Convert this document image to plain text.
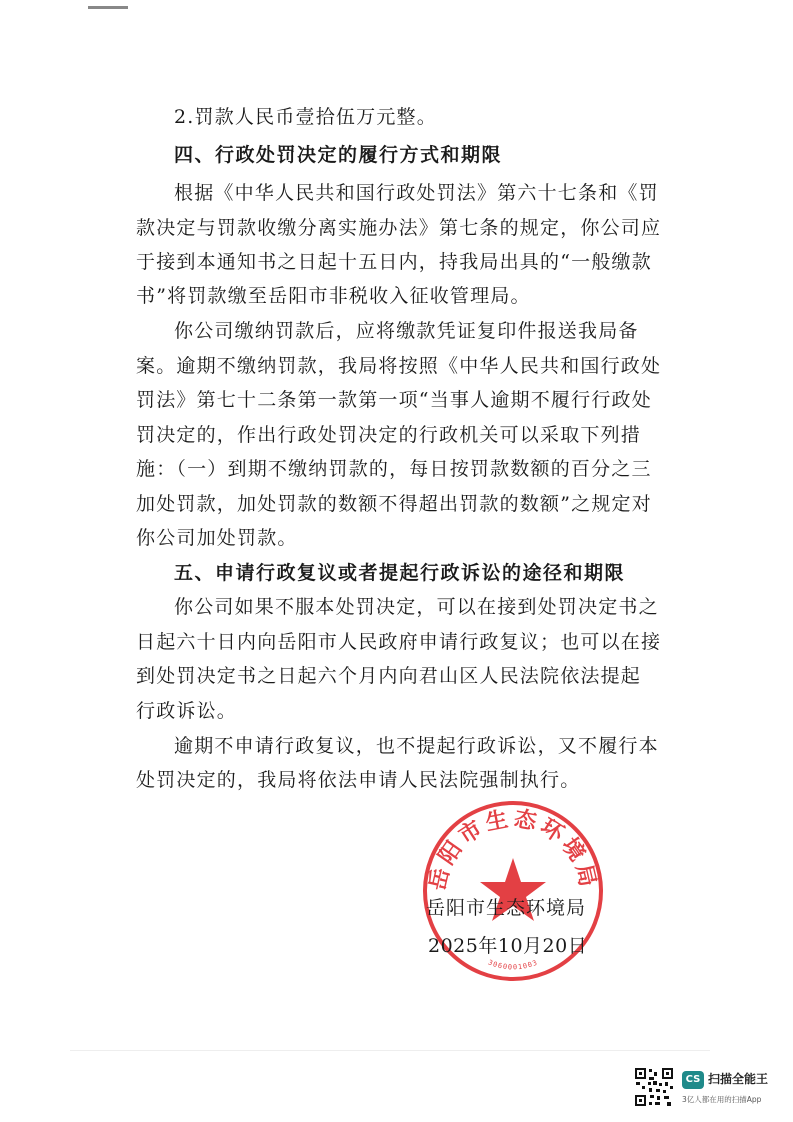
2.罚款人民币壹拾伍万元整。
四、行政处罚决定的履行方式和期限
根据《中华人民共和国行政处罚法》第六十七条和《罚
款决定与罚款收缴分离实施办法》第七条的规定，你公司应
于接到本通知书之日起十五日内，持我局出具的“一般缴款
书”将罚款缴至岳阳市非税收入征收管理局。
你公司缴纳罚款后，应将缴款凭证复印件报送我局备
案。逾期不缴纳罚款，我局将按照《中华人民共和国行政处
罚法》第七十二条第一款第一项“当事人逾期不履行行政处
罚决定的，作出行政处罚决定的行政机关可以采取下列措
施：（一）到期不缴纳罚款的，每日按罚款数额的百分之三
加处罚款，加处罚款的数额不得超出罚款的数额”之规定对
你公司加处罚款。
五、申请行政复议或者提起行政诉讼的途径和期限
你公司如果不服本处罚决定，可以在接到处罚决定书之
日起六十日内向岳阳市人民政府申请行政复议；也可以在接
到处罚决定书之日起六个月内向君山区人民法院依法提起
行政诉讼。
逾期不申请行政复议，也不提起行政诉讼，又不履行本
处罚决定的，我局将依法申请人民法院强制执行。
岳阳市生态环境局
3060001003
岳阳市生态环境局
2025年10月20日
CS 扫描全能王
3亿人都在用的扫描App
